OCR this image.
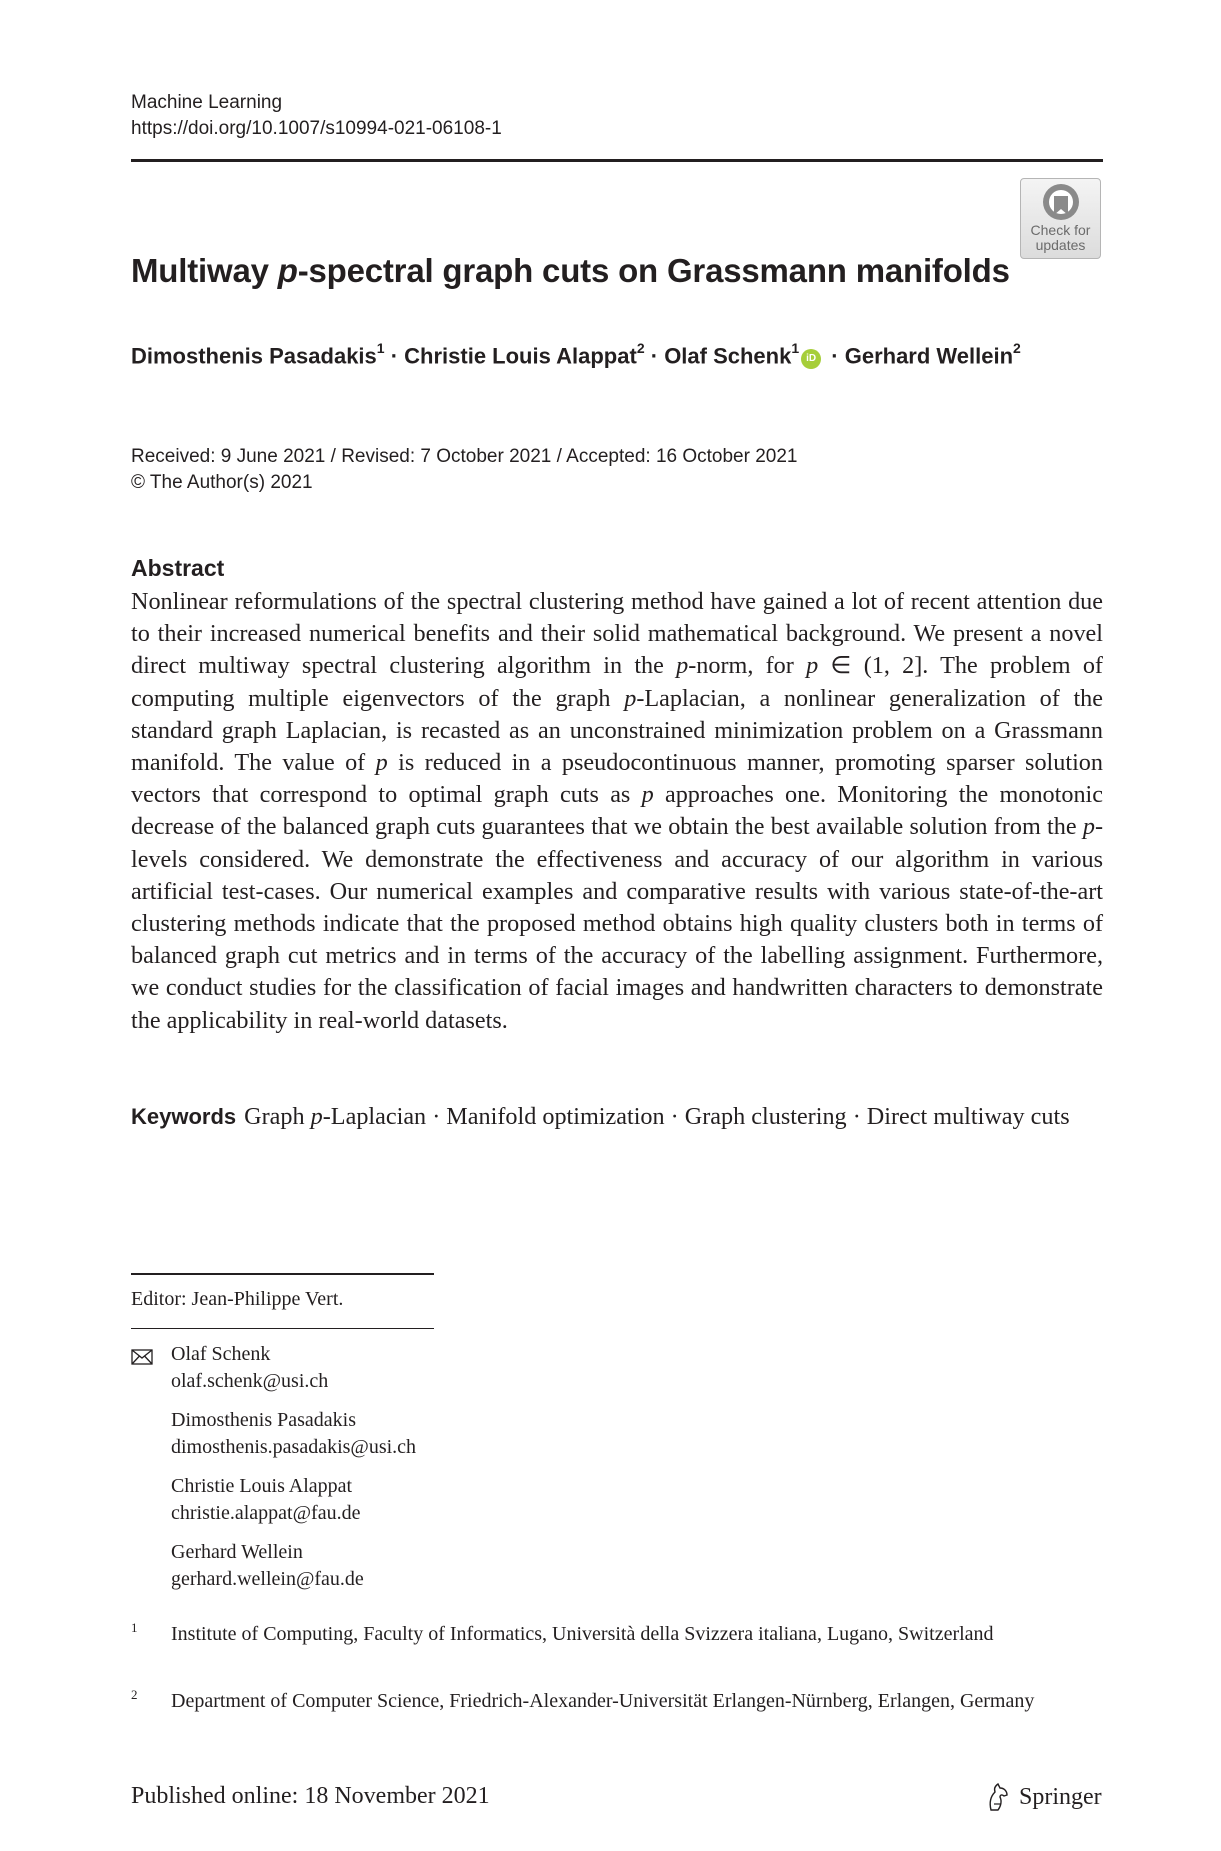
Machine Learning
https://doi.org/10.1007/s10994-021-06108-1
Check for
updates
Multiway p-spectral graph cuts on Grassmann manifolds
Dimosthenis Pasadakis$^1$ · Christie Louis Alappat$^2$ · Olaf Schenk$^1$iD · Gerhard Wellein$^2$
Received: 9 June 2021 / Revised: 7 October 2021 / Accepted: 16 October 2021
© The Author(s) 2021
Abstract
Nonlinear reformulations of the spectral clustering method have gained a lot of recent attention due to their increased numerical benefits and their solid mathematical background. We present a novel direct multiway spectral clustering algorithm in the p-norm, for p ∈ (1, 2]. The problem of computing multiple eigenvectors of the graph p-Laplacian, a nonlinear generalization of the standard graph Laplacian, is recasted as an unconstrained minimization problem on a Grassmann manifold. The value of p is reduced in a pseudocontinuous manner, promoting sparser solution vectors that correspond to optimal graph cuts as p approaches one. Monitoring the monotonic decrease of the balanced graph cuts guarantees that we obtain the best available solution from the p-levels considered. We demonstrate the effectiveness and accuracy of our algorithm in various artificial test-cases. Our numerical examples and comparative results with various state-of-the-art clustering methods indicate that the proposed method obtains high quality clusters both in terms of balanced graph cut metrics and in terms of the accuracy of the labelling assignment. Furthermore, we conduct studies for the classification of facial images and handwritten characters to demonstrate the applicability in real-world datasets.
Keywords Graph p-Laplacian · Manifold optimization · Graph clustering · Direct multiway cuts
Editor: Jean-Philippe Vert.
Olaf Schenk
olaf.schenk@usi.ch
Dimosthenis Pasadakis
dimosthenis.pasadakis@usi.ch
Christie Louis Alappat
christie.alappat@fau.de
Gerhard Wellein
gerhard.wellein@fau.de
1 Institute of Computing, Faculty of Informatics, Università della Svizzera italiana, Lugano, Switzerland
2 Department of Computer Science, Friedrich-Alexander-Universität Erlangen-Nürnberg, Erlangen, Germany
Published online: 18 November 2021	Springer
